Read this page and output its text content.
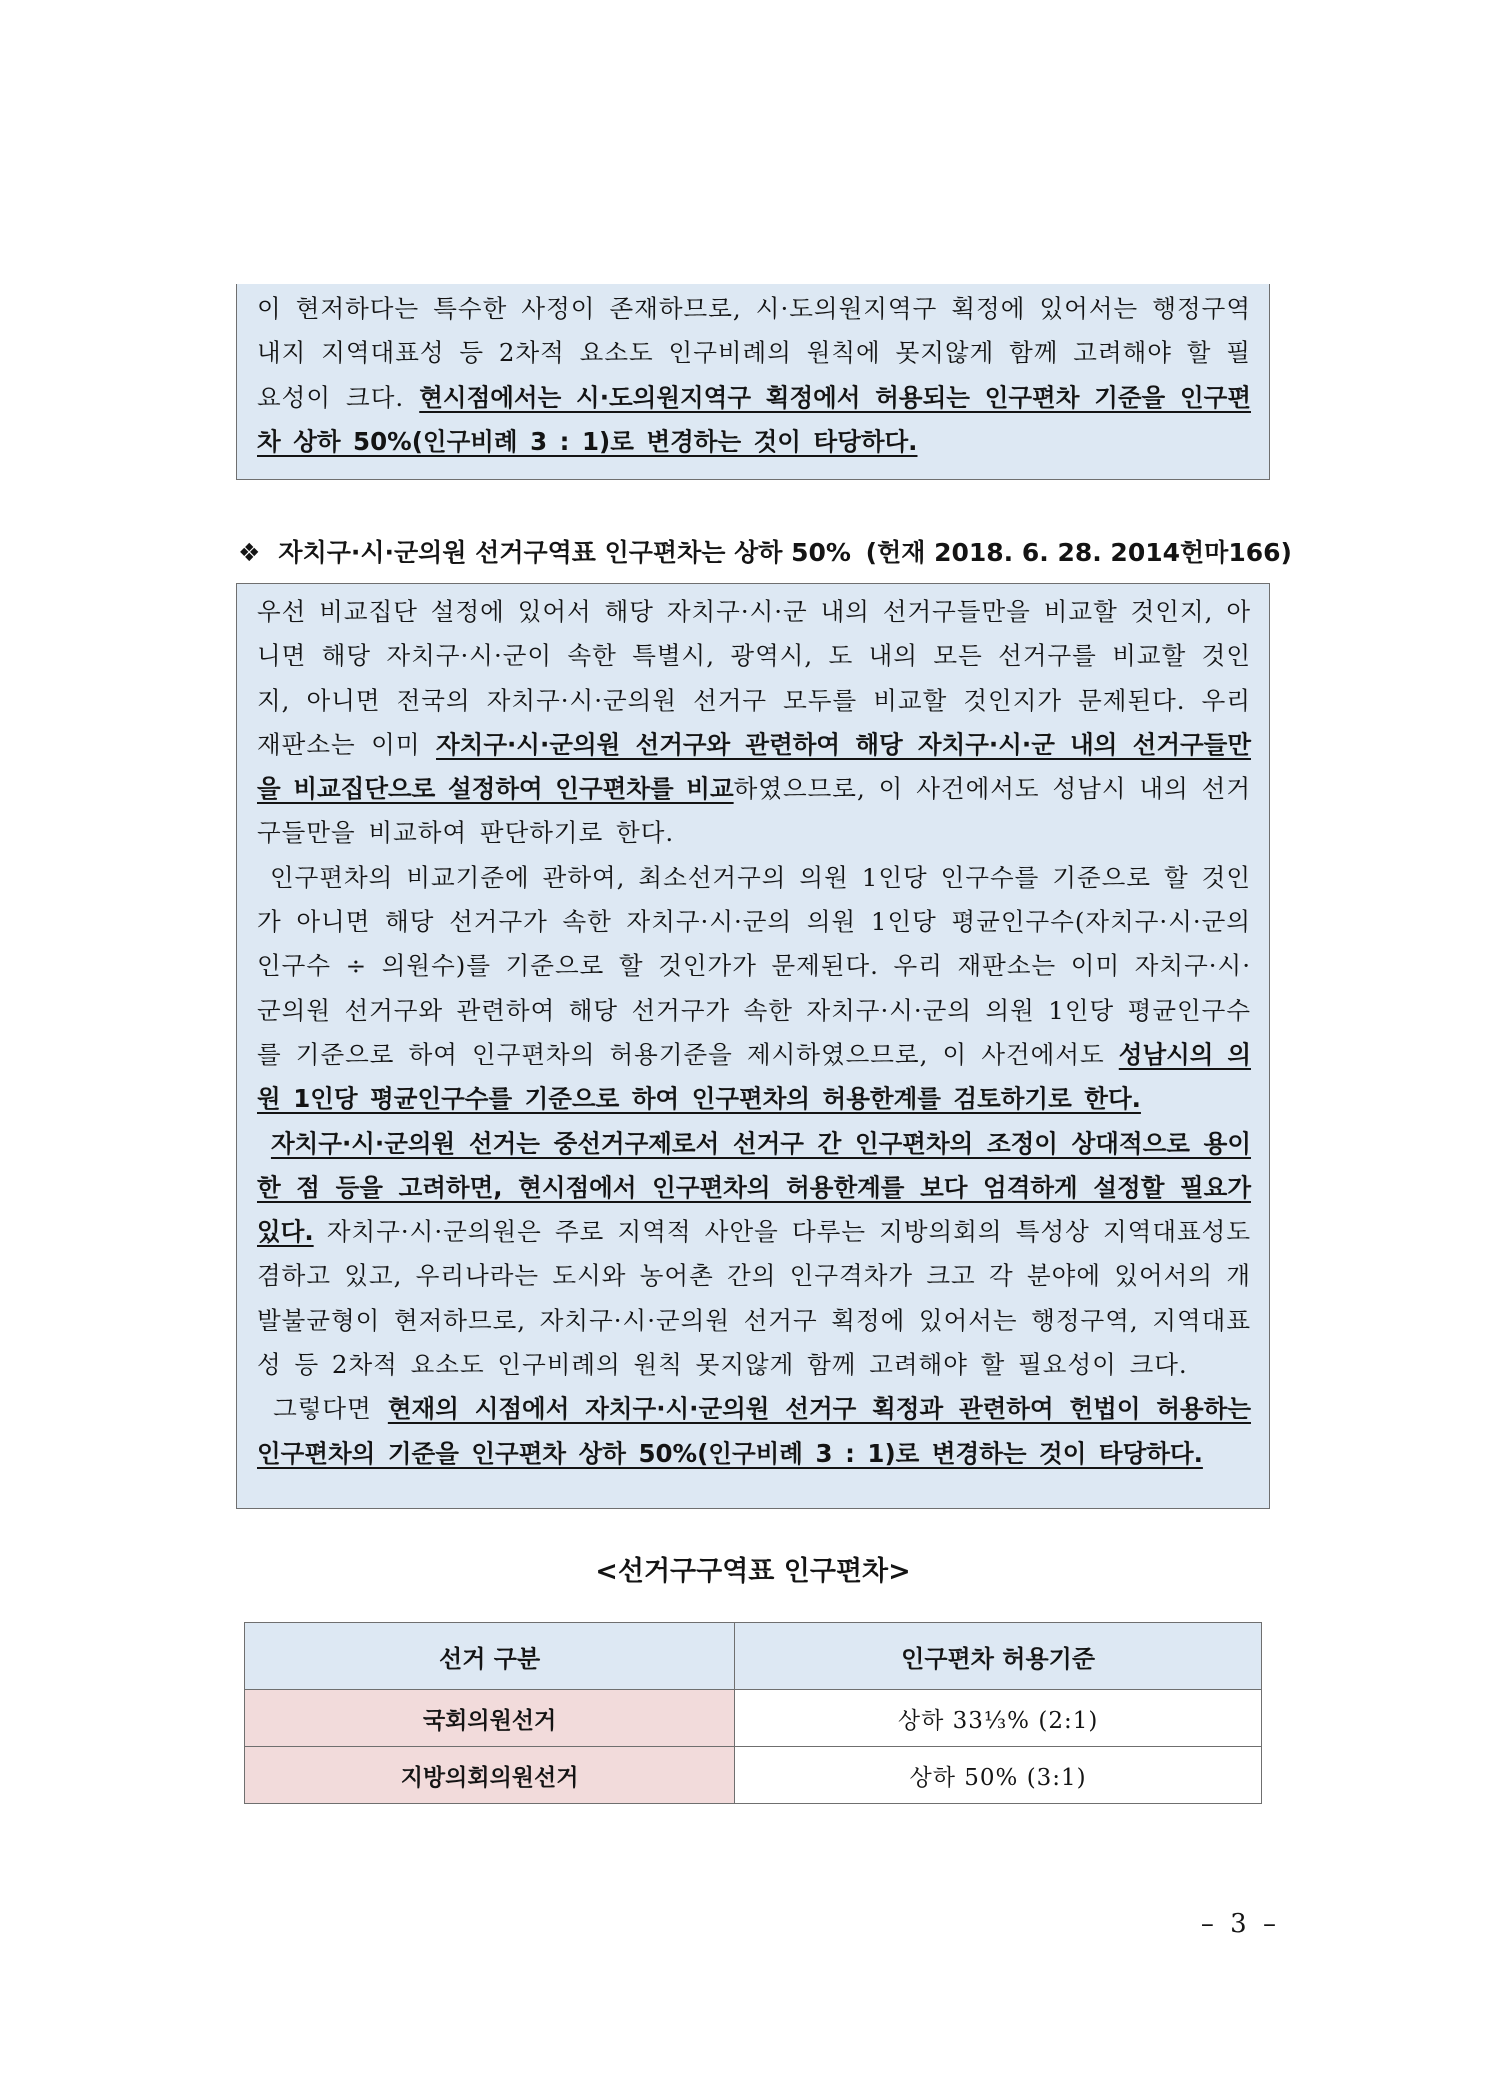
이 현저하다는 특수한 사정이 존재하므로, 시·도의원지역구 획정에 있어서는 행정구역 내지 지역대표성 등 2차적 요소도 인구비례의 원칙에 못지않게 함께 고려해야 할 필요성이 크다. 현시점에서는 시·도의원지역구 획정에서 허용되는 인구편차 기준을 인구편차 상하 50%(인구비례 3 : 1)로 변경하는 것이 타당하다.

❖ 자치구·시·군의원 선거구역표 인구편차는 상하 50% (헌재 2018. 6. 28. 2014헌마166)

우선 비교집단 설정에 있어서 해당 자치구·시·군 내의 선거구들만을 비교할 것인지, 아니면 해당 자치구·시·군이 속한 특별시, 광역시, 도 내의 모든 선거구를 비교할 것인지, 아니면 전국의 자치구·시·군의원 선거구 모두를 비교할 것인지가 문제된다. 우리 재판소는 이미 자치구·시·군의원 선거구와 관련하여 해당 자치구·시·군 내의 선거구들만을 비교집단으로 설정하여 인구편차를 비교하였으므로, 이 사건에서도 성남시 내의 선거구들만을 비교하여 판단하기로 한다.
인구편차의 비교기준에 관하여, 최소선거구의 의원 1인당 인구수를 기준으로 할 것인가 아니면 해당 선거구가 속한 자치구·시·군의 의원 1인당 평균인구수(자치구·시·군의 인구수 ÷ 의원수)를 기준으로 할 것인가가 문제된다. 우리 재판소는 이미 자치구·시·군의원 선거구와 관련하여 해당 선거구가 속한 자치구·시·군의 의원 1인당 평균인구수를 기준으로 하여 인구편차의 허용기준을 제시하였으므로, 이 사건에서도 성남시의 의원 1인당 평균인구수를 기준으로 하여 인구편차의 허용한계를 검토하기로 한다.
자치구·시·군의원 선거는 중선거구제로서 선거구 간 인구편차의 조정이 상대적으로 용이한 점 등을 고려하면, 현시점에서 인구편차의 허용한계를 보다 엄격하게 설정할 필요가 있다. 자치구·시·군의원은 주로 지역적 사안을 다루는 지방의회의 특성상 지역대표성도 겸하고 있고, 우리나라는 도시와 농어촌 간의 인구격차가 크고 각 분야에 있어서의 개발불균형이 현저하므로, 자치구·시·군의원 선거구 획정에 있어서는 행정구역, 지역대표성 등 2차적 요소도 인구비례의 원칙 못지않게 함께 고려해야 할 필요성이 크다.
그렇다면 현재의 시점에서 자치구·시·군의원 선거구 획정과 관련하여 헌법이 허용하는 인구편차의 기준을 인구편차 상하 50%(인구비례 3 : 1)로 변경하는 것이 타당하다.

<선거구구역표 인구편차>
선거 구분	인구편차 허용기준
국회의원선거	상하 33⅓% (2:1)
지방의회의원선거	상하 50% (3:1)
– 3 –
